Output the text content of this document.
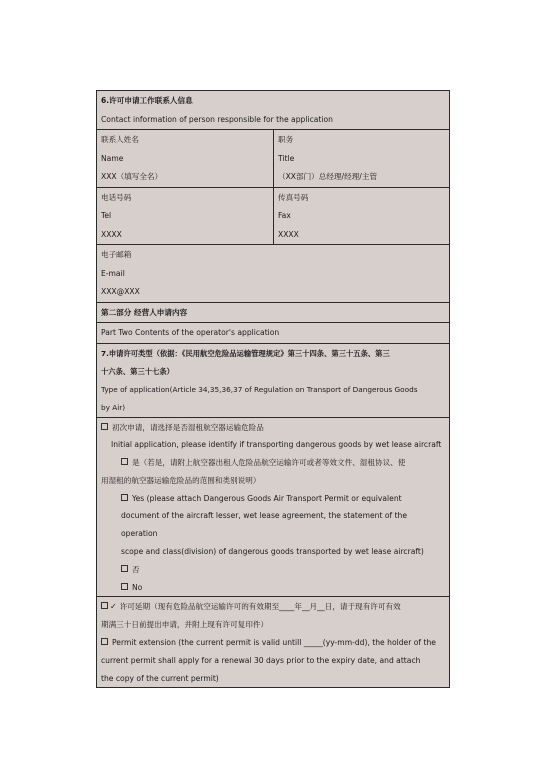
6.许可申请工作联系人信息
Contact information of person responsible for the application
联系人姓名
Name
XXX（填写全名）
职务
Title
（XX部门）总经理/经理/主管
电话号码
Tel
XXXX
传真号码
Fax
XXXX
电子邮箱
E-mail
XXX@XXX
第二部分 经营人申请内容
Part Two Contents of the operator's application
7.申请许可类型（依据：《民用航空危险品运输管理规定》第三十四条、第三十五条、第三
十六条、第三十七条）
Type of application(Article 34,35,36,37 of Regulation on Transport of Dangerous Goods
by Air)
初次申请，请选择是否湿租航空器运输危险品
Initial application, please identify if transporting dangerous goods by wet lease aircraft
是（若是，请附上航空器出租人危险品航空运输许可或者等效文件、湿租协议、使
用湿租的航空器运输危险品的范围和类别说明）
Yes (please attach Dangerous Goods Air Transport Permit or equivalent
document of the aircraft lesser, wet lease agreement, the statement of the operation
scope and class(division) of dangerous goods transported by wet lease aircraft)
否
No
✓ 许可延期（现有危险品航空运输许可的有效期至____年__月__日，请于现有许可有效
期满三十日前提出申请，并附上现有许可复印件）
Permit extension (the current permit is valid untill _____(yy-mm-dd), the holder of the
current permit shall apply for a renewal 30 days prior to the expiry date, and attach
the copy of the current permit)
